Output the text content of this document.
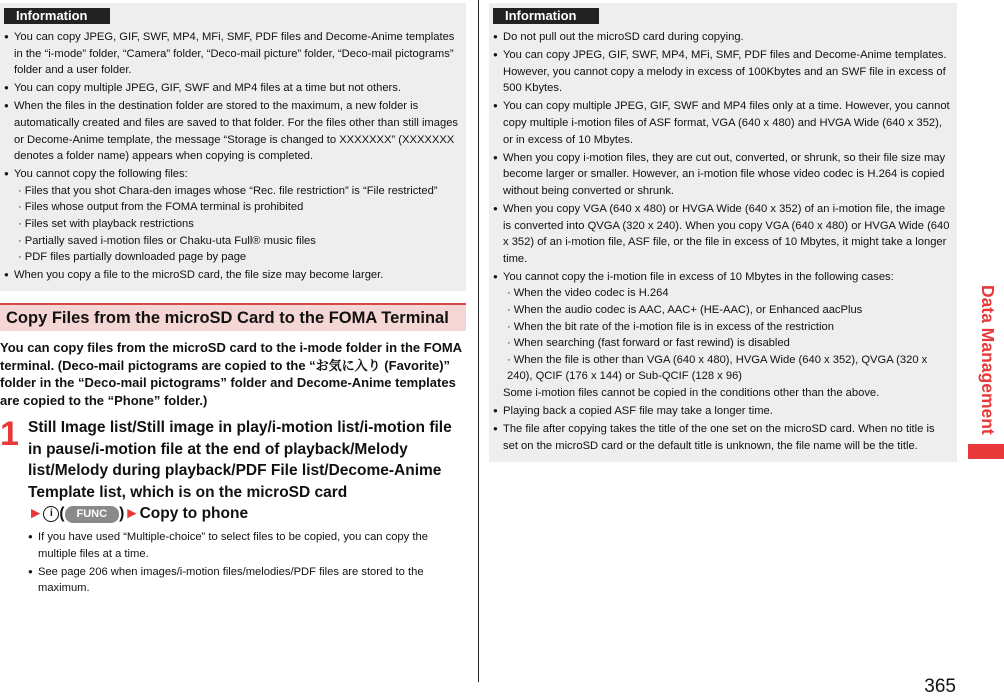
Information
● You can copy JPEG, GIF, SWF, MP4, MFi, SMF, PDF files and Decome-Anime templates in the “i-mode” folder, “Camera” folder, “Deco-mail picture” folder, “Deco-mail pictograms” folder and a user folder.
● You can copy multiple JPEG, GIF, SWF and MP4 files at a time but not others.
● When the files in the destination folder are stored to the maximum, a new folder is automatically created and files are saved to that folder. For the files other than still images or Decome-Anime template, the message “Storage is changed to XXXXXXX” (XXXXXXX denotes a folder name) appears when copying is completed.
● You cannot copy the following files:
· Files that you shot Chara-den images whose “Rec. file restriction” is “File restricted”
· Files whose output from the FOMA terminal is prohibited
· Files set with playback restrictions
· Partially saved i-motion files or Chaku-uta Full® music files
· PDF files partially downloaded page by page
● When you copy a file to the microSD card, the file size may become larger.
Copy Files from the microSD Card to the FOMA Terminal
You can copy files from the microSD card to the i-mode folder in the FOMA terminal. (Deco-mail pictograms are copied to the “お気に入り (Favorite)” folder in the “Deco-mail pictograms” folder and Decome-Anime templates are copied to the “Phone” folder.)
1 Still Image list/Still image in play/i-motion list/i-motion file in pause/i-motion file at the end of playback/Melody list/Melody during playback/PDF File list/Decome-Anime Template list, which is on the microSD card
► i ( FUNC )►Copy to phone
● If you have used “Multiple-choice” to select files to be copied, you can copy the multiple files at a time.
● See page 206 when images/i-motion files/melodies/PDF files are stored to the maximum.
Information
● Do not pull out the microSD card during copying.
● You can copy JPEG, GIF, SWF, MP4, MFi, SMF, PDF files and Decome-Anime templates. However, you cannot copy a melody in excess of 100Kbytes and an SWF file in excess of 500 Kbytes.
● You can copy multiple JPEG, GIF, SWF and MP4 files only at a time. However, you cannot copy multiple i-motion files of ASF format, VGA (640 x 480) and HVGA Wide (640 x 352), or in excess of 10 Mbytes.
● When you copy i-motion files, they are cut out, converted, or shrunk, so their file size may become larger or smaller. However, an i-motion file whose video codec is H.264 is copied without being converted or shrunk.
● When you copy VGA (640 x 480) or HVGA Wide (640 x 352) of an i-motion file, the image is converted into QVGA (320 x 240). When you copy VGA (640 x 480) or HVGA Wide (640 x 352) of an i-motion file, ASF file, or the file in excess of 10 Mbytes, it might take a longer time.
● You cannot copy the i-motion file in excess of 10 Mbytes in the following cases:
· When the video codec is H.264
· When the audio codec is AAC, AAC+ (HE-AAC), or Enhanced aacPlus
· When the bit rate of the i-motion file is in excess of the restriction
· When searching (fast forward or fast rewind) is disabled
· When the file is other than VGA (640 x 480), HVGA Wide (640 x 352), QVGA (320 x 240), QCIF (176 x 144) or Sub-QCIF (128 x 96)
Some i-motion files cannot be copied in the conditions other than the above.
● Playing back a copied ASF file may take a longer time.
● The file after copying takes the title of the one set on the microSD card. When no title is set on the microSD card or the default title is unknown, the file name will be the title.
Data Management
365
